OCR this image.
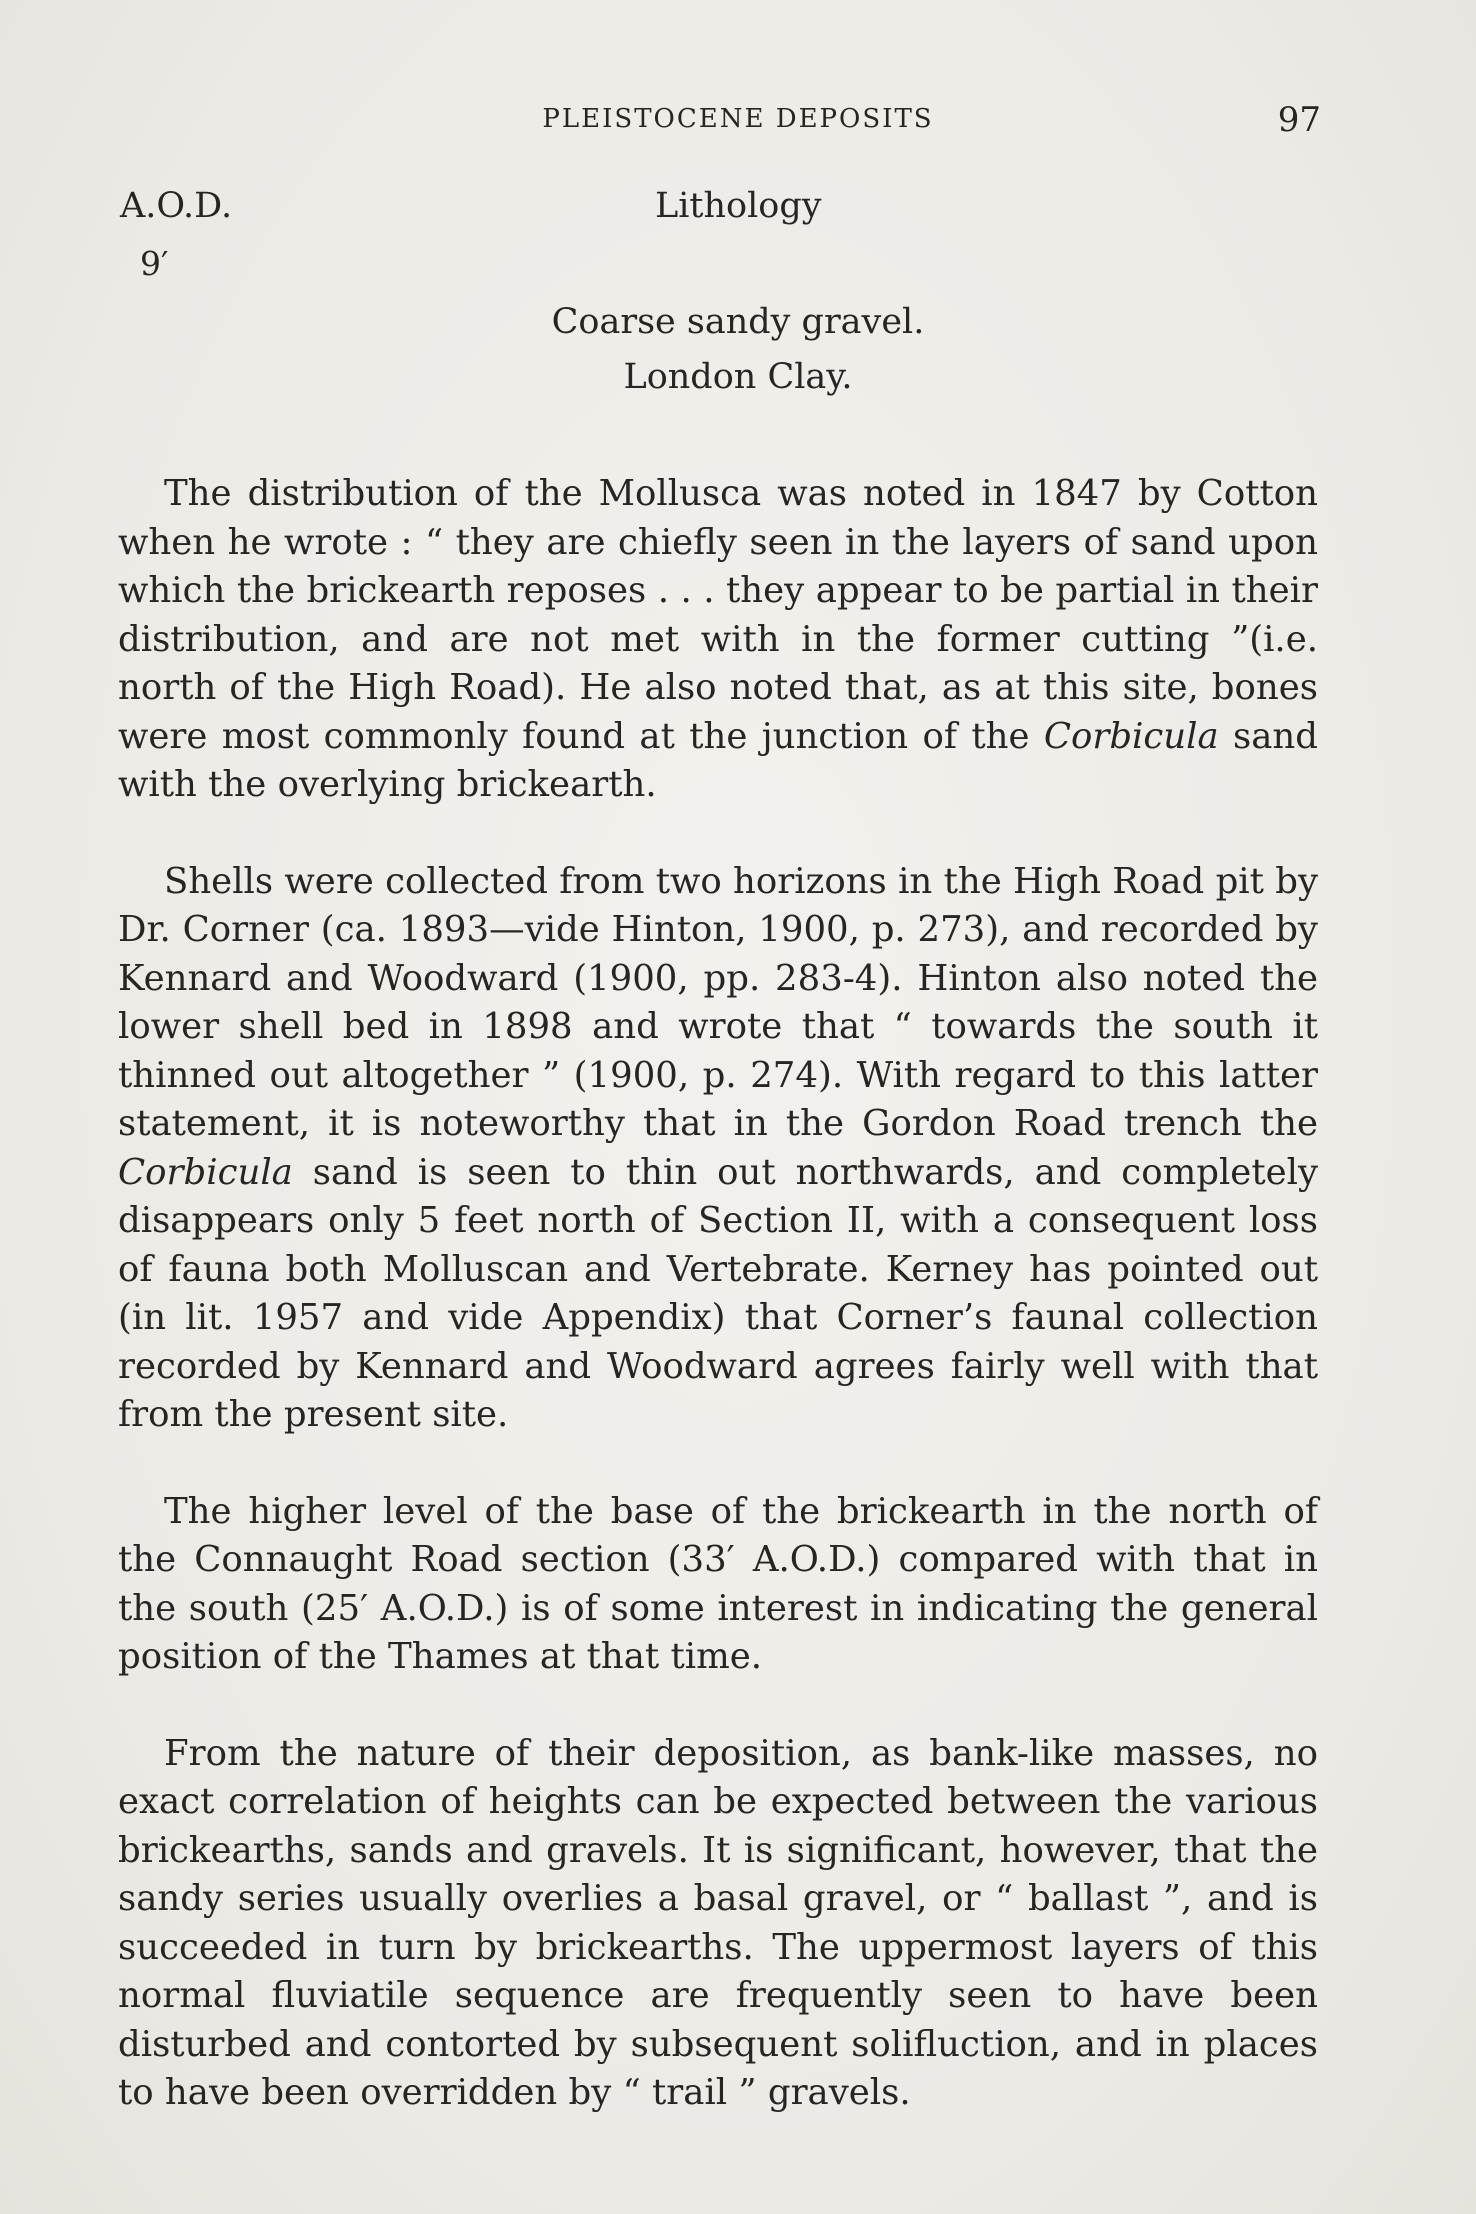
PLEISTOCENE DEPOSITS	97
A.O.D.	Lithology
9′
Coarse sandy gravel.
London Clay.

The distribution of the Mollusca was noted in 1847 by Cotton when he wrote : “ they are chiefly seen in the layers of sand upon which the brickearth reposes . . . they appear to be partial in their distribution, and are not met with in the former cutting ”(i.e. north of the High Road). He also noted that, as at this site, bones were most commonly found at the junction of the Corbicula sand with the overlying brickearth.

Shells were collected from two horizons in the High Road pit by Dr. Corner (ca. 1893—vide Hinton, 1900, p. 273), and recorded by Kennard and Woodward (1900, pp. 283-4). Hinton also noted the lower shell bed in 1898 and wrote that “ towards the south it thinned out altogether ” (1900, p. 274). With regard to this latter statement, it is noteworthy that in the Gordon Road trench the Corbicula sand is seen to thin out northwards, and completely disappears only 5 feet north of Section II, with a consequent loss of fauna both Molluscan and Vertebrate. Kerney has pointed out (in lit. 1957 and vide Appendix) that Corner’s faunal collection recorded by Kennard and Woodward agrees fairly well with that from the present site.

The higher level of the base of the brickearth in the north of the Connaught Road section (33′ A.O.D.) compared with that in the south (25′ A.O.D.) is of some interest in indicating the general position of the Thames at that time.

From the nature of their deposition, as bank-like masses, no exact correlation of heights can be expected between the various brickearths, sands and gravels. It is significant, however, that the sandy series usually overlies a basal gravel, or “ ballast ”, and is succeeded in turn by brickearths. The uppermost layers of this normal fluviatile sequence are frequently seen to have been disturbed and contorted by subsequent solifluction, and in places to have been overridden by “ trail ” gravels.
